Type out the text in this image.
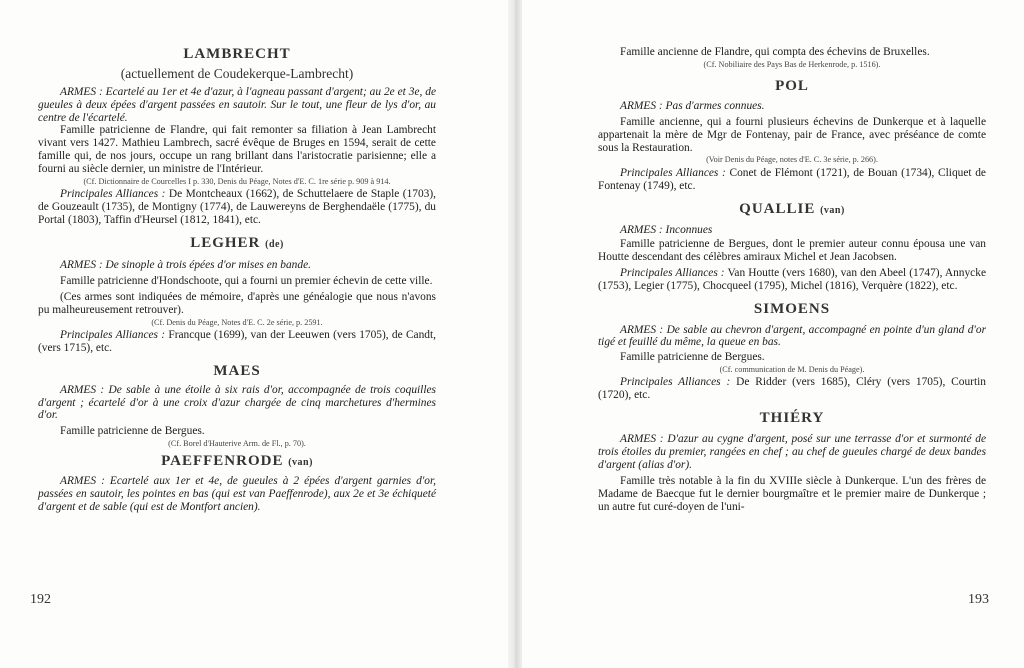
LAMBRECHT
(actuellement de Coudekerque-Lambrecht)

ARMES : Ecartelé au 1er et 4e d'azur, à l'agneau passant d'argent; au 2e et 3e, de gueules à deux épées d'argent passées en sautoir. Sur le tout, une fleur de lys d'or, au centre de l'écartelé.

Famille patricienne de Flandre, qui fait remonter sa filiation à Jean Lambrecht vivant vers 1427. Mathieu Lambrech, sacré évêque de Bruges en 1594, serait de cette famille qui, de nos jours, occupe un rang brillant dans l'aristocratie parisienne; elle a fourni au siècle dernier, un ministre de l'Intérieur.

(Cf. Dictionnaire de Courcelles I p. 330, Denis du Péage, Notes d'E. C. 1re série p. 909 à 914.

Principales Alliances : De Montcheaux (1662), de Schuttelaere de Staple (1703), de Gouzeault (1735), de Montigny (1774), de Lauwereyns de Berghendaële (1775), du Portal (1803), Taffin d'Heursel (1812, 1841), etc.

LEGHER (de)

ARMES : De sinople à trois épées d'or mises en bande.

Famille patricienne d'Hondschoote, qui a fourni un premier échevin de cette ville.

(Ces armes sont indiquées de mémoire, d'après une généalogie que nous n'avons pu malheureusement retrouver).

(Cf. Denis du Péage, Notes d'E. C. 2e série, p. 2591.

Principales Alliances : Francque (1699), van der Leeuwen (vers 1705), de Candt, (vers 1715), etc.

MAES

ARMES : De sable à une étoile à six rais d'or, accompagnée de trois coquilles d'argent ; écartelé d'or à une croix d'azur chargée de cinq marchetures d'hermines d'or.

Famille patricienne de Bergues.

(Cf. Borel d'Hauterive Arm. de Fl., p. 70).
PAEFFENRODE (van)

ARMES : Ecartelé aux 1er et 4e, de gueules à 2 épées d'argent garnies d'or, passées en sautoir, les pointes en bas (qui est van Paeffenrode), aux 2e et 3e échiqueté d'argent et de sable (qui est de Montfort ancien).

192

Famille ancienne de Flandre, qui compta des échevins de Bruxelles.

(Cf. Nobiliaire des Pays Bas de Herkenrode, p. 1516).
POL

ARMES : Pas d'armes connues.

Famille ancienne, qui a fourni plusieurs échevins de Dunkerque et à laquelle appartenait la mère de Mgr de Fontenay, pair de France, avec préséance de comte sous la Restauration.

(Voir Denis du Péage, notes d'E. C. 3e série, p. 266).

Principales Alliances : Conet de Flémont (1721), de Bouan (1734), Cliquet de Fontenay (1749), etc.

QUALLIE (van)

ARMES : Inconnues

Famille patricienne de Bergues, dont le premier auteur connu épousa une van Houtte descendant des célèbres amiraux Michel et Jean Jacobsen.

Principales Alliances : Van Houtte (vers 1680), van den Abeel (1747), Annycke (1753), Legier (1775), Chocqueel (1795), Michel (1816), Verquère (1822), etc.

SIMOENS

ARMES : De sable au chevron d'argent, accompagné en pointe d'un gland d'or tigé et feuillé du même, la queue en bas.

Famille patricienne de Bergues.

(Cf. communication de M. Denis du Péage).

Principales Alliances : De Ridder (vers 1685), Cléry (vers 1705), Courtin (1720), etc.

THIÉRY

ARMES : D'azur au cygne d'argent, posé sur une terrasse d'or et surmonté de trois étoiles du premier, rangées en chef ; au chef de gueules chargé de deux bandes d'argent (alias d'or).

Famille très notable à la fin du XVIIIe siècle à Dunkerque. L'un des frères de Madame de Baecque fut le dernier bourgmaître et le premier maire de Dunkerque ; un autre fut curé-doyen de l'uni-

193
